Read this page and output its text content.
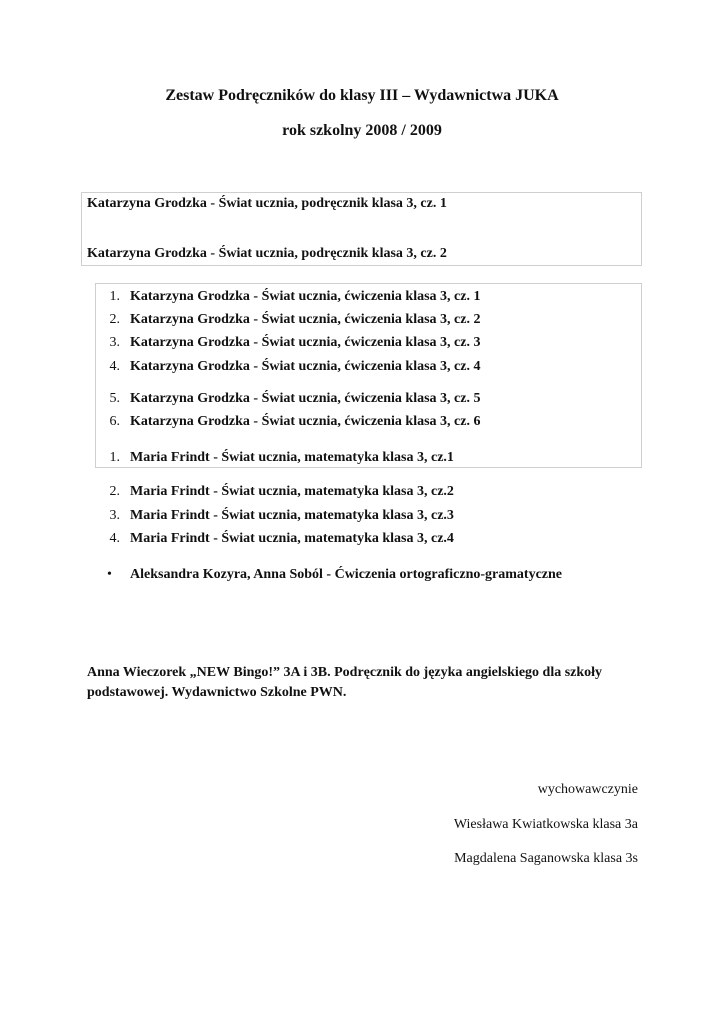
Zestaw Podręczników do klasy III – Wydawnictwa JUKA
rok szkolny 2008 / 2009
Katarzyna Grodzka - Świat ucznia, podręcznik klasa 3, cz. 1
Katarzyna Grodzka - Świat ucznia, podręcznik klasa 3, cz. 2
1. Katarzyna Grodzka - Świat ucznia, ćwiczenia klasa 3, cz. 1
2. Katarzyna Grodzka - Świat ucznia, ćwiczenia klasa 3, cz. 2
3. Katarzyna Grodzka - Świat ucznia, ćwiczenia klasa 3, cz. 3
4. Katarzyna Grodzka - Świat ucznia, ćwiczenia klasa 3, cz. 4
5. Katarzyna Grodzka - Świat ucznia, ćwiczenia klasa 3, cz. 5
6. Katarzyna Grodzka - Świat ucznia, ćwiczenia klasa 3, cz. 6
1. Maria Frindt - Świat ucznia, matematyka klasa 3, cz.1
2. Maria Frindt - Świat ucznia, matematyka klasa 3, cz.2
3. Maria Frindt - Świat ucznia, matematyka klasa 3, cz.3
4. Maria Frindt - Świat ucznia, matematyka klasa 3, cz.4
• Aleksandra Kozyra, Anna Soból - Ćwiczenia ortograficzno-gramatyczne
Anna Wieczorek „NEW Bingo!” 3A i 3B. Podręcznik do języka angielskiego dla szkoły podstawowej. Wydawnictwo Szkolne PWN.
wychowawczynie
Wiesława Kwiatkowska klasa 3a
Magdalena Saganowska klasa 3s
